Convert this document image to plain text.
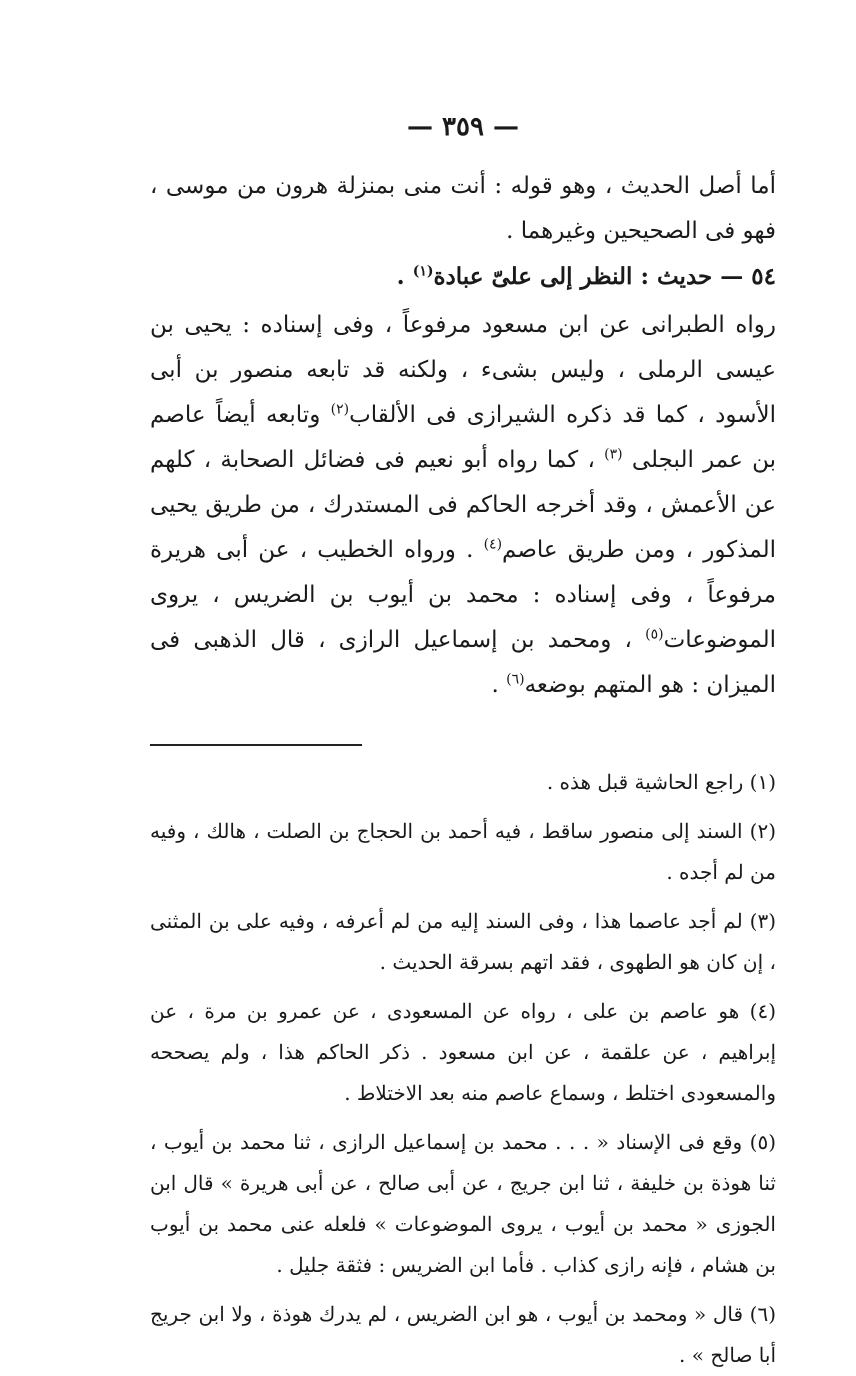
— ٣٥٩ —

أما أصل الحديث ، وهو قوله : أنت منى بمنزلة هرون من موسى ، فهو فى الصحيحين وغيرهما .

٥٤ — حديث : النظر إلى علىّ عبادة$^{(١)}$ .

رواه الطبرانى عن ابن مسعود مرفوعاً ، وفى إسناده : يحيى بن عيسى الرملى ، وليس بشىء ، ولكنه قد تابعه منصور بن أبى الأسود ، كما قد ذكره الشيرازى فى الألقاب$^{(٢)}$ وتابعه أيضاً عاصم بن عمر البجلى $^{(٣)}$ ، كما رواه أبو نعيم فى فضائل الصحابة ، كلهم عن الأعمش ، وقد أخرجه الحاكم فى المستدرك ، من طريق يحيى المذكور ، ومن طريق عاصم$^{(٤)}$ . ورواه الخطيب ، عن أبى هريرة مرفوعاً ، وفى إسناده : محمد بن أيوب بن الضريس ، يروى الموضوعات$^{(٥)}$ ، ومحمد بن إسماعيل الرازى ، قال الذهبى فى الميزان : هو المتهم بوضعه$^{(٦)}$ .

(١) راجع الحاشية قبل هذه .

(٢) السند إلى منصور ساقط ، فيه أحمد بن الحجاج بن الصلت ، هالك ، وفيه من لم أجده .

(٣) لم أجد عاصما هذا ، وفى السند إليه من لم أعرفه ، وفيه على بن المثنى ، إن كان هو الطهوى ، فقد اتهم بسرقة الحديث .

(٤) هو عاصم بن على ، رواه عن المسعودى ، عن عمرو بن مرة ، عن إبراهيم ، عن علقمة ، عن ابن مسعود . ذكر الحاكم هذا ، ولم يصححه والمسعودى اختلط ، وسماع عاصم منه بعد الاختلاط .

(٥) وقع فى الإسناد « . . . محمد بن إسماعيل الرازى ، ثنا محمد بن أيوب ، ثنا هوذة بن خليفة ، ثنا ابن جريج ، عن أبى صالح ، عن أبى هريرة » قال ابن الجوزى « محمد بن أيوب ، يروى الموضوعات » فلعله عنى محمد بن أيوب بن هشام ، فإنه رازى كذاب . فأما ابن الضريس : فثقة جليل .

(٦) قال « ومحمد بن أيوب ، هو ابن الضريس ، لم يدرك هوذة ، ولا ابن جريج أبا صالح » .
